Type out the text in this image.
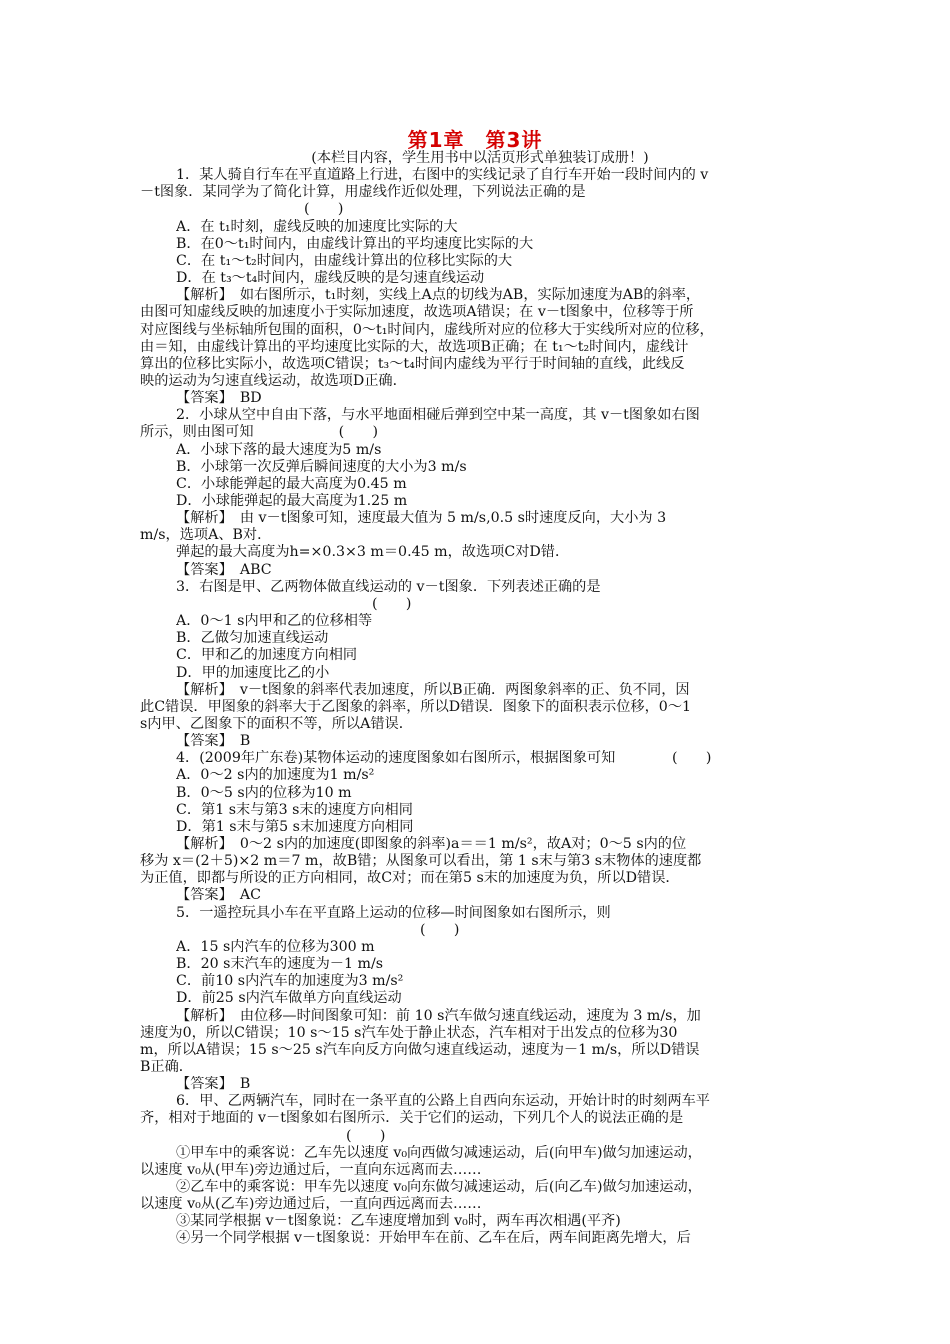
第1章　第3讲
(本栏目内容，学生用书中以活页形式单独装订成册！)
1．某人骑自行车在平直道路上行进，右图中的实线记录了自行车开始一段时间内的 v
－t图象．某同学为了简化计算，用虚线作近似处理，下列说法正确的是
(　　)
A．在 t₁时刻，虚线反映的加速度比实际的大
B．在0～t₁时间内，由虚线计算出的平均速度比实际的大
C．在 t₁～t₂时间内，由虚线计算出的位移比实际的大
D．在 t₃～t₄时间内，虚线反映的是匀速直线运动
【解析】　如右图所示，t₁时刻，实线上A点的切线为AB，实际加速度为AB的斜率，
由图可知虚线反映的加速度小于实际加速度，故选项A错误；在 v－t图象中，位移等于所
对应图线与坐标轴所包围的面积，0～t₁时间内，虚线所对应的位移大于实线所对应的位移，
由＝知，由虚线计算出的平均速度比实际的大，故选项B正确；在 t₁～t₂时间内，虚线计
算出的位移比实际小，故选项C错误；t₃～t₄时间内虚线为平行于时间轴的直线，此线反
映的运动为匀速直线运动，故选项D正确．
【答案】　BD
2．小球从空中自由下落，与水平地面相碰后弹到空中某一高度，其 v－t图象如右图
所示，则由图可知　　　　　　(　　)
A．小球下落的最大速度为5 m/s
B．小球第一次反弹后瞬间速度的大小为3 m/s
C．小球能弹起的最大高度为0.45 m
D．小球能弹起的最大高度为1.25 m
【解析】　由 v－t图象可知，速度最大值为 5 m/s,0.5 s时速度反向，大小为 3
m/s，选项A、B对．
弹起的最大高度为h=×0.3×3 m＝0.45 m，故选项C对D错．
【答案】　ABC
3．右图是甲、乙两物体做直线运动的 v－t图象．下列表述正确的是
(　　)
A．0～1 s内甲和乙的位移相等
B．乙做匀加速直线运动
C．甲和乙的加速度方向相同
D．甲的加速度比乙的小
【解析】　v－t图象的斜率代表加速度，所以B正确．两图象斜率的正、负不同，因
此C错误．甲图象的斜率大于乙图象的斜率，所以D错误．图象下的面积表示位移，0～1
s内甲、乙图象下的面积不等，所以A错误．
【答案】　B
4．(2009年广东卷)某物体运动的速度图象如右图所示，根据图象可知　　　　(　　)
A．0～2 s内的加速度为1 m/s²
B．0～5 s内的位移为10 m
C．第1 s末与第3 s末的速度方向相同
D．第1 s末与第5 s末加速度方向相同
【解析】　0～2 s内的加速度(即图象的斜率)a＝＝1 m/s²，故A对；0～5 s内的位
移为 x＝(2＋5)×2 m＝7 m，故B错；从图象可以看出，第 1 s末与第3 s末物体的速度都
为正值，即都与所设的正方向相同，故C对；而在第5 s末的加速度为负，所以D错误．
【答案】　AC
5．一遥控玩具小车在平直路上运动的位移—时间图象如右图所示，则
(　　)
A．15 s内汽车的位移为300 m
B．20 s末汽车的速度为－1 m/s
C．前10 s内汽车的加速度为3 m/s²
D．前25 s内汽车做单方向直线运动
【解析】　由位移—时间图象可知：前 10 s汽车做匀速直线运动，速度为 3 m/s，加
速度为0，所以C错误；10 s～15 s汽车处于静止状态，汽车相对于出发点的位移为30
m，所以A错误；15 s～25 s汽车向反方向做匀速直线运动，速度为－1 m/s，所以D错误
B正确．
【答案】　B
6．甲、乙两辆汽车，同时在一条平直的公路上自西向东运动，开始计时的时刻两车平
齐，相对于地面的 v－t图象如右图所示．关于它们的运动，下列几个人的说法正确的是
(　　)
①甲车中的乘客说：乙车先以速度 v₀向西做匀减速运动，后(向甲车)做匀加速运动，
以速度 v₀从(甲车)旁边通过后，一直向东远离而去……
②乙车中的乘客说：甲车先以速度 v₀向东做匀减速运动，后(向乙车)做匀加速运动，
以速度 v₀从(乙车)旁边通过后，一直向西远离而去……
③某同学根据 v－t图象说：乙车速度增加到 v₀时，两车再次相遇(平齐)
④另一个同学根据 v－t图象说：开始甲车在前、乙车在后，两车间距离先增大，后
